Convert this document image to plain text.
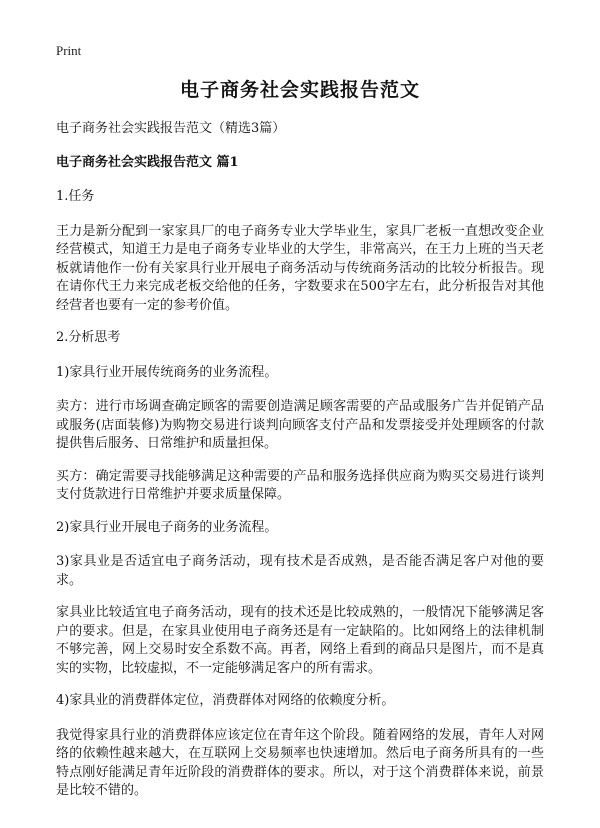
Print
电子商务社会实践报告范文
电子商务社会实践报告范文（精选3篇）
电子商务社会实践报告范文 篇1

1.任务

王力是新分配到一家家具厂的电子商务专业大学毕业生，家具厂老板一直想改变企业经营模式，知道王力是电子商务专业毕业的大学生，非常高兴，在王力上班的当天老板就请他作一份有关家具行业开展电子商务活动与传统商务活动的比较分析报告。现在请你代王力来完成老板交给他的任务，字数要求在500字左右，此分析报告对其他经营者也要有一定的参考价值。

2.分析思考

1)家具行业开展传统商务的业务流程。

卖方：进行市场调查确定顾客的需要创造满足顾客需要的产品或服务广告并促销产品或服务(店面装修)为购物交易进行谈判向顾客支付产品和发票接受并处理顾客的付款提供售后服务、日常维护和质量担保。

买方：确定需要寻找能够满足这种需要的产品和服务选择供应商为购买交易进行谈判支付货款进行日常维护并要求质量保障。

2)家具行业开展电子商务的业务流程。

3)家具业是否适宜电子商务活动，现有技术是否成熟，是否能否满足客户对他的要求。

家具业比较适宜电子商务活动，现有的技术还是比较成熟的，一般情况下能够满足客户的要求。但是，在家具业使用电子商务还是有一定缺陷的。比如网络上的法律机制不够完善，网上交易时安全系数不高。再者，网络上看到的商品只是图片，而不是真实的实物，比较虚拟，不一定能够满足客户的所有需求。

4)家具业的消费群体定位，消费群体对网络的依赖度分析。

我觉得家具行业的消费群体应该定位在青年这个阶段。随着网络的发展，青年人对网络的依赖性越来越大，在互联网上交易频率也快速增加。然后电子商务所具有的一些特点刚好能满足青年近阶段的消费群体的要求。所以，对于这个消费群体来说，前景是比较不错的。
